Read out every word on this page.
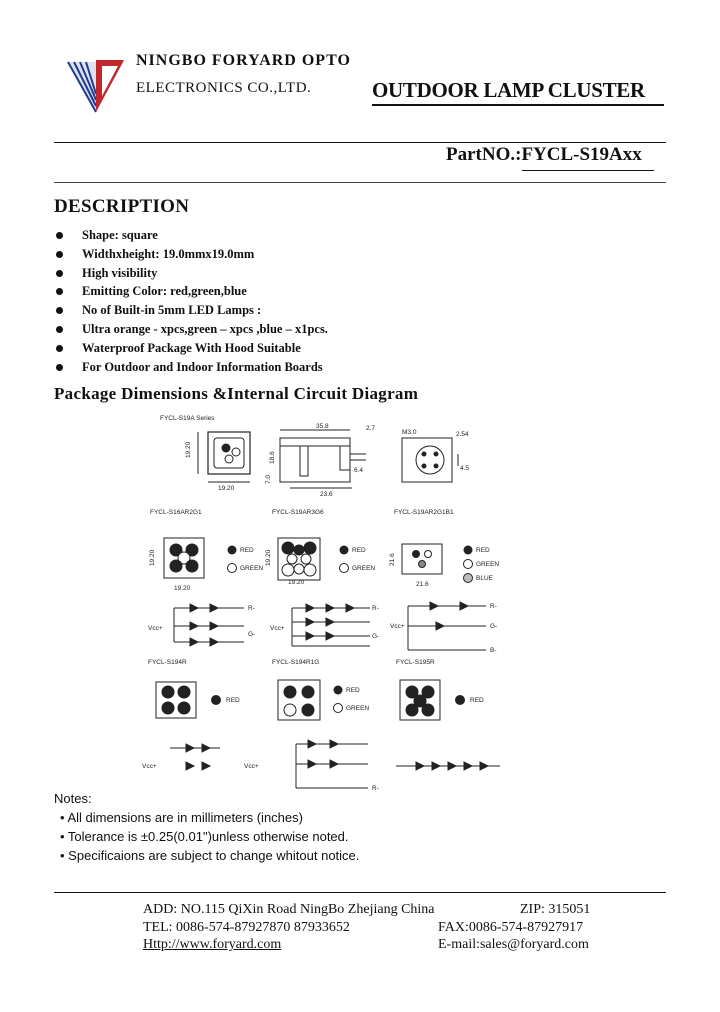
NINGBO FORYARD OPTO
ELECTRONICS CO.,LTD.	OUTDOOR LAMP CLUSTER
PartNO.:FYCL-S19Axx
DESCRIPTION
Shape: square
Widthxheight: 19.0mmx19.0mm
High visibility
Emitting Color: red,green,blue
No of Built-in 5mm LED Lamps :
Ultra orange - xpcs,green – xpcs ,blue – x1pcs.
Waterproof Package With Hood Suitable
For Outdoor and Indoor Information Boards
Package Dimensions &Internal Circuit Diagram
FYCL-S19A Series
19.20
19.20
35.8
18.6
7.0
23.6
2.7
6.4
M3.0	2.54
4.5
FYCL-S16AR2G1	FYCL-S19AR3G6	FYCL-S19AR2G1B1
19.20
19.20
RED
GREEN
19.20
19.20
RED
GREEN
21.6
21.6
RED
GREEN
BLUE
Vcc+
R-
G-
Vcc+
R-
G-
Vcc+
R-
G-
B-
FYCL-S194R	FYCL-S194R1G	FYCL-S195R
RED
RED
GREEN
RED
Vcc+	Vcc+
R-
Notes:
• All dimensions are in millimeters (inches)
• Tolerance is ±0.25(0.01")unless otherwise noted.
• Specificaions are subject to change whitout notice.
ADD: NO.115 QiXin Road NingBo Zhejiang China	ZIP: 315051
TEL: 0086-574-87927870 87933652	FAX:0086-574-87927917
Http://www.foryard.com	E-mail:sales@foryard.com
